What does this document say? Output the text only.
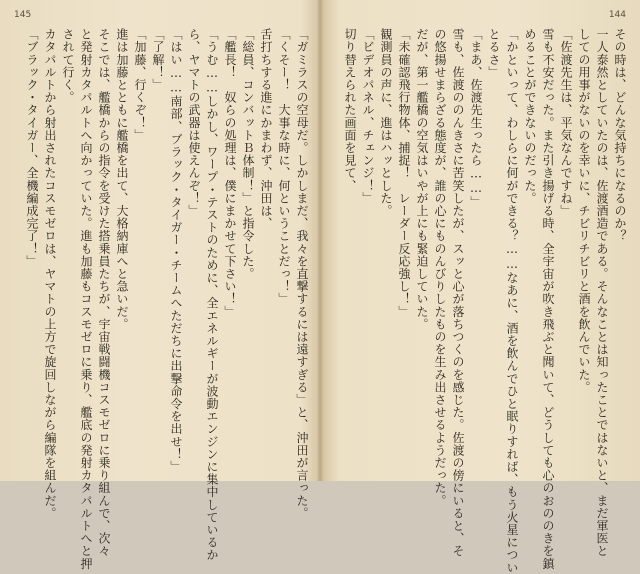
145
「ガミラスの空母だ。しかしまだ、我々を直撃するには遠すぎる」と、沖田が言った。
「くそー！　大事な時に、何ということだっ！」
舌打ちする進にかまわず、沖田は、
「総員、コンバットＢ体制！」と指令した。
「艦長！　奴らの処理は、僕にまかせて下さい！」
「うむ……しかし、ワープ・テストのために、全エネルギーが波動エンジンに集中しているか
ら、ヤマトの武器は使えんぞ！」
「はい……南部、ブラック・タイガー・チームへただちに出撃命令を出せ！」
「了解！」
「加藤、行くぞ！」
進は加藤とともに艦橋を出て、大格納庫へと急いだ。
そこでは、艦橋からの指令を受けた搭乗員たちが、宇宙戦闘機コスモゼロに乗り組んで、次々
と発射カタパルトへ向かっていた。進も加藤もコスモゼロに乗り、艦底の発射カタパルトへと押
されて行く。
カタパルトから射出されたコスモゼロは、ヤマトの上方で旋回しながら編隊を組んだ。
「ブラック・タイガー、全機編成完了！」
144
その時は、どんな気持ちになるのか？
一人泰然としていたのは、佐渡酒造である。そんなことは知ったことではないと、まだ軍医と
しての用事がないのを幸いに、チビリチビリと酒を飲んでいた。
「佐渡先生は、平気なんですね」
雪も不安だった。また引き揚げる時、全宇宙が吹き飛ぶと聞いて、どうしても心のおののきを鎮
めることができないのだった。
「かといって、わしらに何ができる？……なあに、酒を飲んでひと眠りすれば、もう火星につい
とるさ」
「まあ、佐渡先生ったら……」
雪も、佐渡ののんきさに苦笑したが、スッと心が落ちつくのを感じた。佐渡の傍にいると、そ
の悠揚せまらざる態度が、誰の心にものんびりしたものを生み出させるようだった。
だが、第一艦橋の空気はいやが上にも緊迫していた。
「未確認飛行物体、捕捉！　レーダー反応強し！」
観測員の声に、進はハッとした。
「ビデオパネル、チェンジ！」
切り替えられた画面を見て、
